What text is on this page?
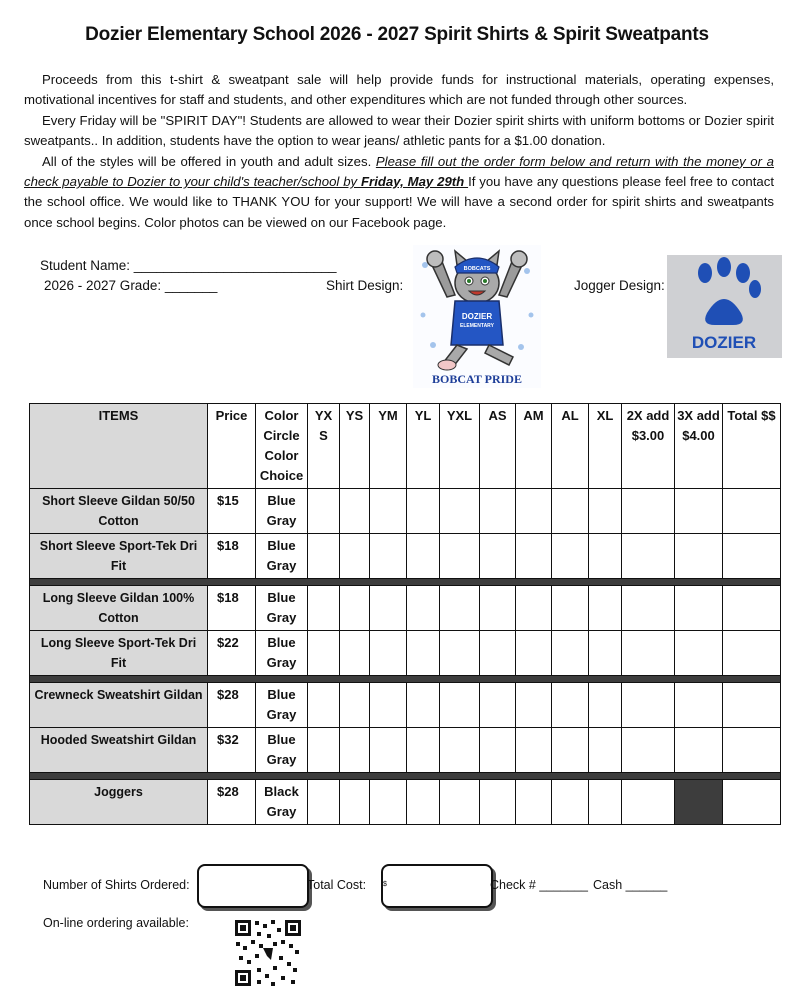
Dozier Elementary School 2026 - 2027 Spirit Shirts & Spirit Sweatpants

Proceeds from this t-shirt & sweatpant sale will help provide funds for instructional materials, operating expenses, motivational incentives for staff and students, and other expenditures which are not funded through other sources.

Every Friday will be "SPIRIT DAY"! Students are allowed to wear their Dozier spirit shirts with uniform bottoms or Dozier spirit sweatpants.. In addition, students have the option to wear jeans/ athletic pants for a $1.00 donation.

All of the styles will be offered in youth and adult sizes. Please fill out the order form below and return with the money or a check payable to Dozier to your child's teacher/school by Friday, May 29th If you have any questions please feel free to contact the school office. We would like to THANK YOU for your support! We will have a second order for spirit shirts and sweatpants once school begins. Color photos can be viewed on our Facebook page.

Student Name: ___________________________
2026 - 2027 Grade: _______	Shirt Design:	Jogger Design:
BOBCATS
DOZIER
ELEMENTARY
BOBCAT PRIDE
DOZIER
ITEMS	Price	Color Circle Color Choice	YX S	YS	YM	YL	YXL	AS	AM	AL	XL	2X add $3.00	3X add $4.00	Total $$
Short Sleeve Gildan 50/50 Cotton	$15	Blue Gray												
Short Sleeve Sport-Tek Dri Fit	$18	Blue Gray												

Long Sleeve Gildan 100% Cotton	$18	Blue Gray												
Long Sleeve Sport-Tek Dri Fit	$22	Blue Gray												

Crewneck Sweatshirt Gildan	$28	Blue Gray												
Hooded Sweatshirt Gildan	$32	Blue Gray												

Joggers	$28	Black Gray												
Number of Shirts Ordered:	Total Cost: $	Check # _______ Cash ______
On-line ordering available:
